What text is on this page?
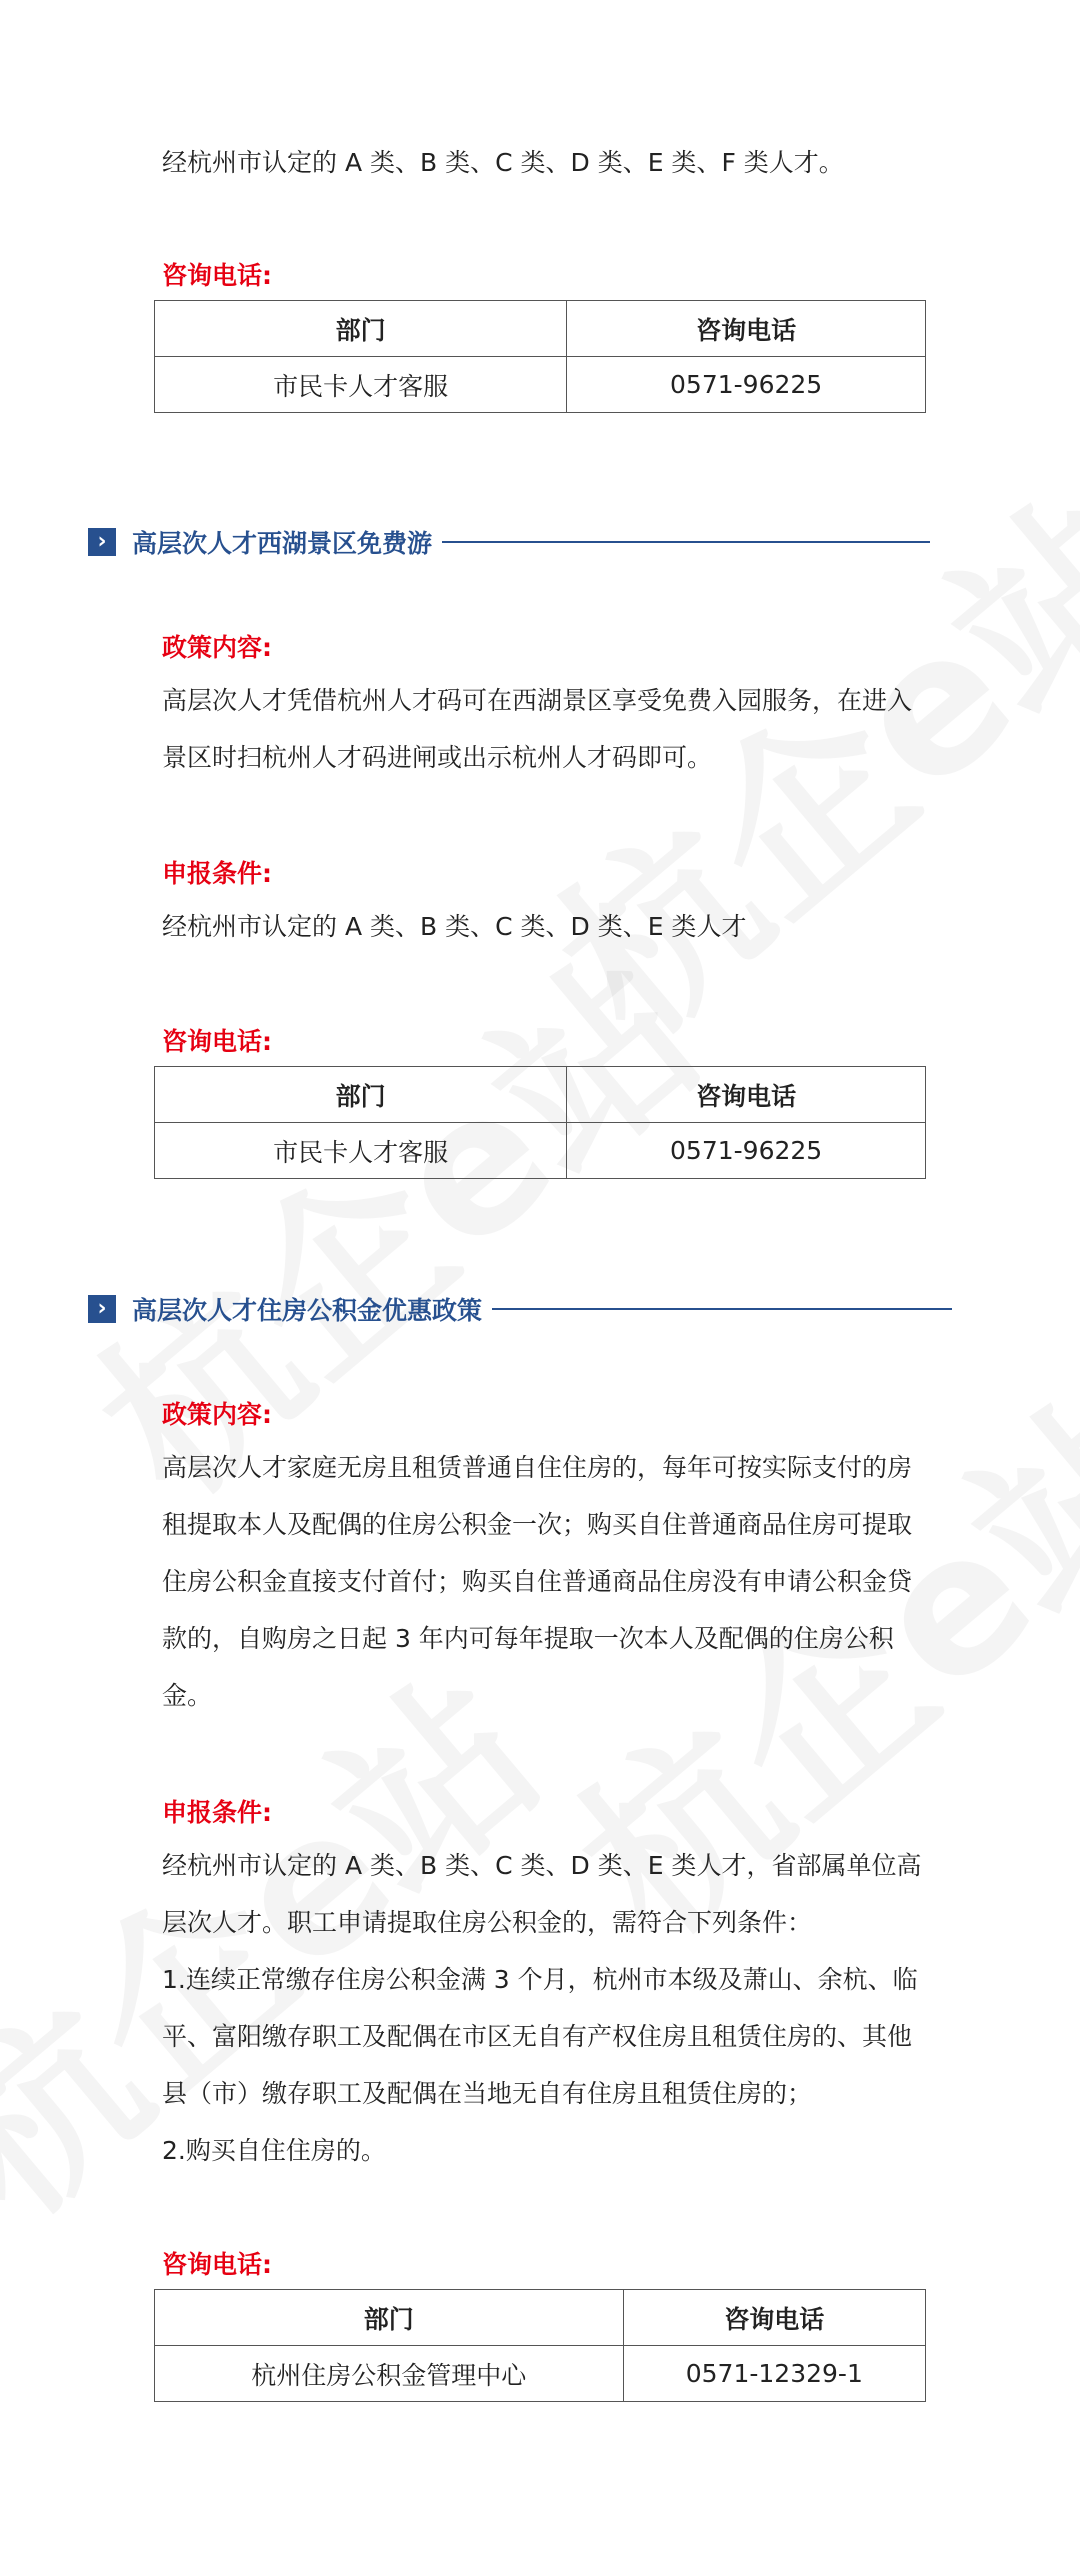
经杭州市认定的 A 类、B 类、C 类、D 类、E 类、F 类人才。

咨询电话:

部门	咨询电话
市民卡人才客服	0571-96225
›	高层次人才西湖景区免费游

政策内容:

高层次人才凭借杭州人才码可在西湖景区享受免费入园服务，在进入景区时扫杭州人才码进闸或出示杭州人才码即可。

申报条件:

经杭州市认定的 A 类、B 类、C 类、D 类、E 类人才

咨询电话:

部门	咨询电话
市民卡人才客服	0571-96225
›	高层次人才住房公积金优惠政策

政策内容:

高层次人才家庭无房且租赁普通自住住房的，每年可按实际支付的房租提取本人及配偶的住房公积金一次；购买自住普通商品住房可提取住房公积金直接支付首付；购买自住普通商品住房没有申请公积金贷款的，自购房之日起 3 年内可每年提取一次本人及配偶的住房公积金。

申报条件:

经杭州市认定的 A 类、B 类、C 类、D 类、E 类人才，省部属单位高层次人才。职工申请提取住房公积金的，需符合下列条件：

1.连续正常缴存住房公积金满 3 个月，杭州市本级及萧山、余杭、临平、富阳缴存职工及配偶在市区无自有产权住房且租赁住房的、其他县（市）缴存职工及配偶在当地无自有住房且租赁住房的；

2.购买自住住房的。

咨询电话:

部门	咨询电话
杭州住房公积金管理中心	0571-12329-1
